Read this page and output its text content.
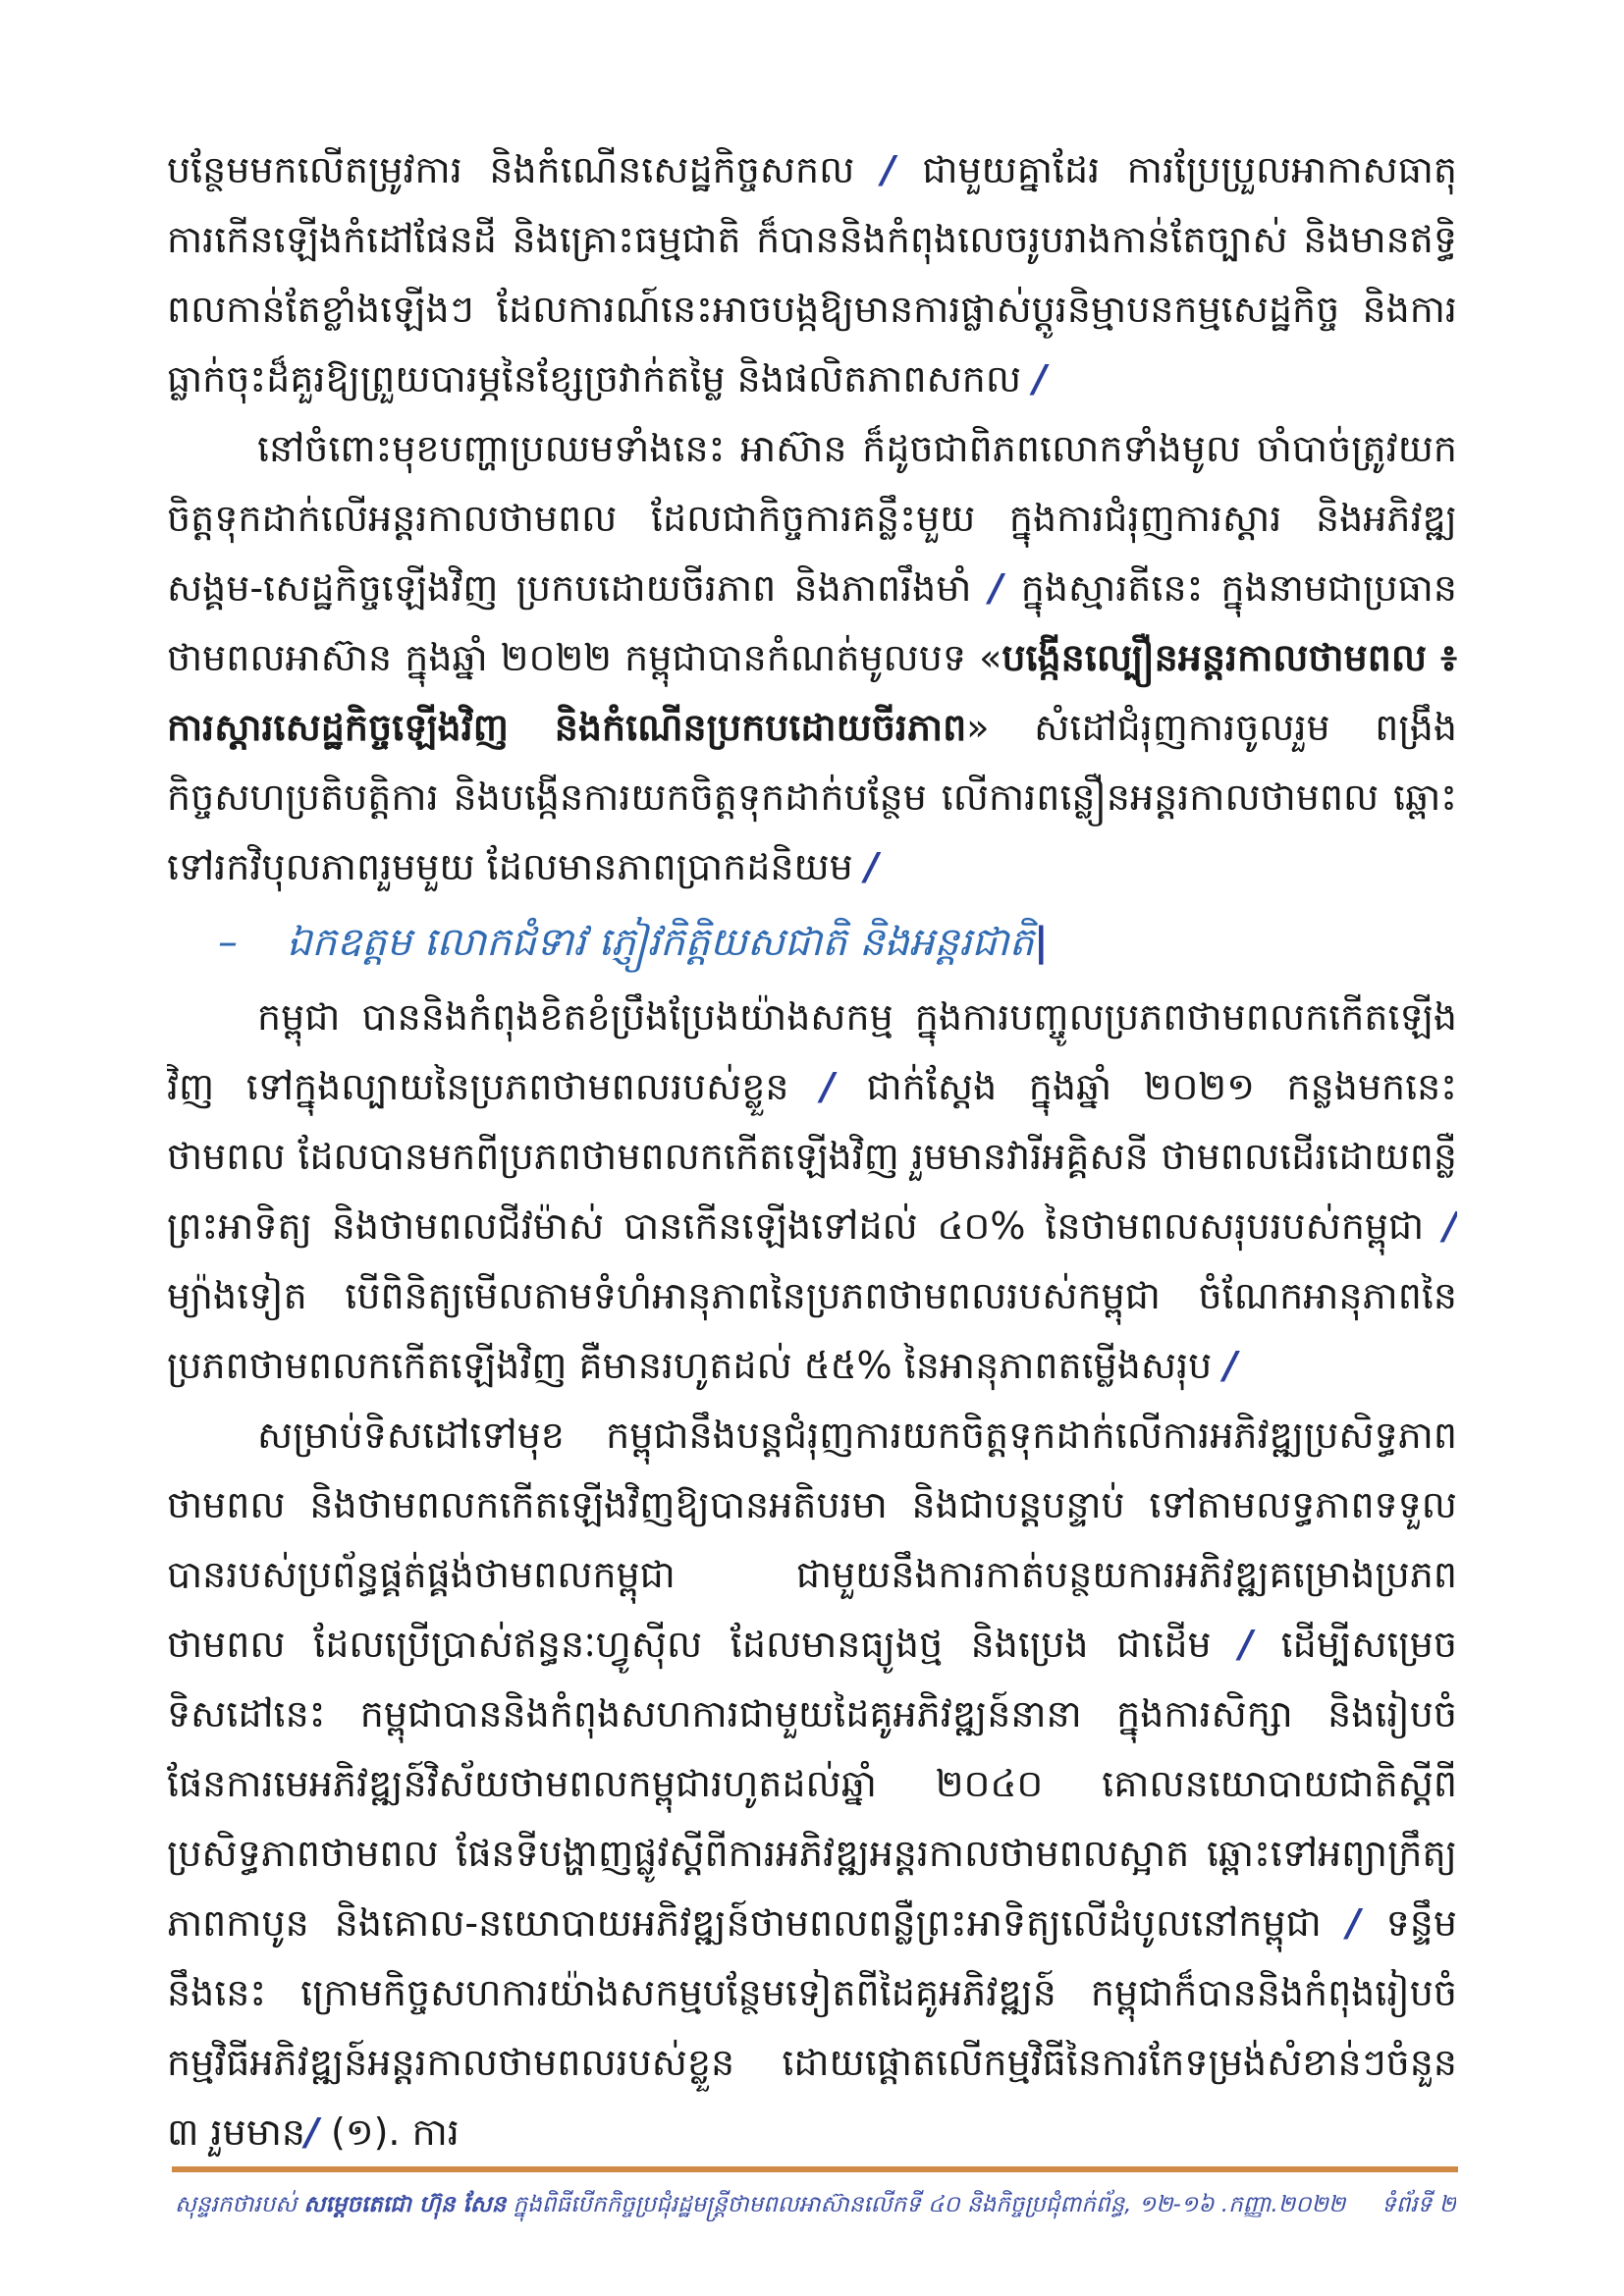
បន្ថែមមកលើតម្រូវការ និងកំណើនសេដ្ឋកិច្ចសកល / ជាមួយគ្នាដែរ ការប្រែប្រួលអាកាសធាតុ ការកើនឡើងកំដៅផែនដី និងគ្រោះធម្មជាតិ ក៏បាននិងកំពុងលេចរូបរាងកាន់តែច្បាស់ និងមានឥទ្ធិពលកាន់តែខ្លាំងឡើងៗ ដែលការណ៍នេះអាចបង្កឱ្យមានការផ្លាស់ប្តូរនិម្មាបនកម្មសេដ្ឋកិច្ច និងការធ្លាក់ចុះដ៏គួរឱ្យព្រួយបារម្ភនៃខ្សែច្រវាក់តម្លៃ និងផលិតភាពសកល /

នៅចំពោះមុខបញ្ហាប្រឈមទាំងនេះ អាស៊ាន ក៏ដូចជាពិភពលោកទាំងមូល ចាំបាច់ត្រូវយកចិត្តទុកដាក់លើអន្តរកាលថាមពល ដែលជាកិច្ចការគន្លឹះមួយ ក្នុងការជំរុញការស្តារ និងអភិវឌ្ឍសង្គម-សេដ្ឋកិច្ចឡើងវិញ ប្រកបដោយចីរភាព និងភាពរឹងមាំ / ក្នុងស្មារតីនេះ ក្នុងនាមជាប្រធានថាមពលអាស៊ាន ក្នុងឆ្នាំ ២០២២ កម្ពុជាបានកំណត់មូលបទ «បង្កើនល្បឿនអន្តរកាលថាមពល ៖ ការស្តារសេដ្ឋកិច្ចឡើងវិញ និងកំណើនប្រកបដោយចីរភាព» សំដៅជំរុញការចូលរួម ពង្រឹងកិច្ចសហប្រតិបត្តិការ និងបង្កើនការយកចិត្តទុកដាក់បន្ថែម លើការពន្លឿនអន្តរកាលថាមពល ឆ្ពោះទៅរកវិបុលភាពរួមមួយ ដែលមានភាពប្រាកដនិយម /

– ឯកឧត្តម លោកជំទាវ ភ្ញៀវកិត្តិយសជាតិ និងអន្តរជាតិ|

កម្ពុជា បាននិងកំពុងខិតខំប្រឹងប្រែងយ៉ាងសកម្ម ក្នុងការបញ្ចូលប្រភពថាមពលកកើតឡើងវិញ ទៅក្នុងល្បាយនៃប្រភពថាមពលរបស់ខ្លួន / ជាក់ស្តែង ក្នុងឆ្នាំ ២០២១ កន្លងមកនេះ ថាមពល ដែលបានមកពីប្រភពថាមពលកកើតឡើងវិញ រួមមានវារីអគ្គិសនី ថាមពលដើរដោយពន្លឺព្រះអាទិត្យ និងថាមពលជីវម៉ាស់ បានកើនឡើងទៅដល់ ៤០% នៃថាមពលសរុបរបស់កម្ពុជា / ម្យ៉ាងទៀត បើពិនិត្យមើលតាមទំហំអានុភាពនៃប្រភពថាមពលរបស់កម្ពុជា ចំណែកអានុភាពនៃប្រភពថាមពលកកើតឡើងវិញ គឺមានរហូតដល់ ៥៥% នៃអានុភាពតម្លើងសរុប /

សម្រាប់ទិសដៅទៅមុខ កម្ពុជានឹងបន្តជំរុញការយកចិត្តទុកដាក់លើការអភិវឌ្ឍប្រសិទ្ធភាពថាមពល និងថាមពលកកើតឡើងវិញឱ្យបានអតិបរមា និងជាបន្តបន្ទាប់ ទៅតាមលទ្ធភាពទទួលបានរបស់ប្រព័ន្ធផ្គត់ផ្គង់ថាមពលកម្ពុជា ជាមួយនឹងការកាត់បន្ថយការអភិវឌ្ឍគម្រោងប្រភពថាមពល ដែលប្រើប្រាស់ឥន្ធនៈហ្វូស៊ីល ដែលមានធ្យូងថ្ម និងប្រេង ជាដើម / ដើម្បីសម្រេចទិសដៅនេះ កម្ពុជាបាននិងកំពុងសហការជាមួយដៃគូអភិវឌ្ឍន៍នានា ក្នុងការសិក្សា និងរៀបចំផែនការមេអភិវឌ្ឍន៍វិស័យថាមពលកម្ពុជារហូតដល់ឆ្នាំ ២០៤០ គោលនយោបាយជាតិស្តីពីប្រសិទ្ធភាពថាមពល ផែនទីបង្ហាញផ្លូវស្តីពីការអភិវឌ្ឍអន្តរកាលថាមពលស្អាត ឆ្ពោះទៅអព្យាក្រឹត្យភាពកាបូន និងគោល-នយោបាយអភិវឌ្ឍន៍ថាមពលពន្លឺព្រះអាទិត្យលើដំបូលនៅកម្ពុជា / ទន្ទឹមនឹងនេះ ក្រោមកិច្ចសហការយ៉ាងសកម្មបន្ថែមទៀតពីដៃគូអភិវឌ្ឍន៍ កម្ពុជាក៏បាននិងកំពុងរៀបចំកម្មវិធីអភិវឌ្ឍន៍អន្តរកាលថាមពលរបស់ខ្លួន ដោយផ្តោតលើកម្មវិធីនៃការកែទម្រង់សំខាន់ៗចំនួន ៣ រួមមាន/ (១). ការ

សុន្ទរកថារបស់ សម្តេចតេជោ ហ៊ុន សែន ក្នុងពិធីបើកកិច្ចប្រជុំរដ្ឋមន្ត្រីថាមពលអាស៊ានលើកទី ៤០ និងកិច្ចប្រជុំពាក់ព័ន្ធ, ១២-១៦ .កញ្ញា.២០២២ ទំព័រទី ២
